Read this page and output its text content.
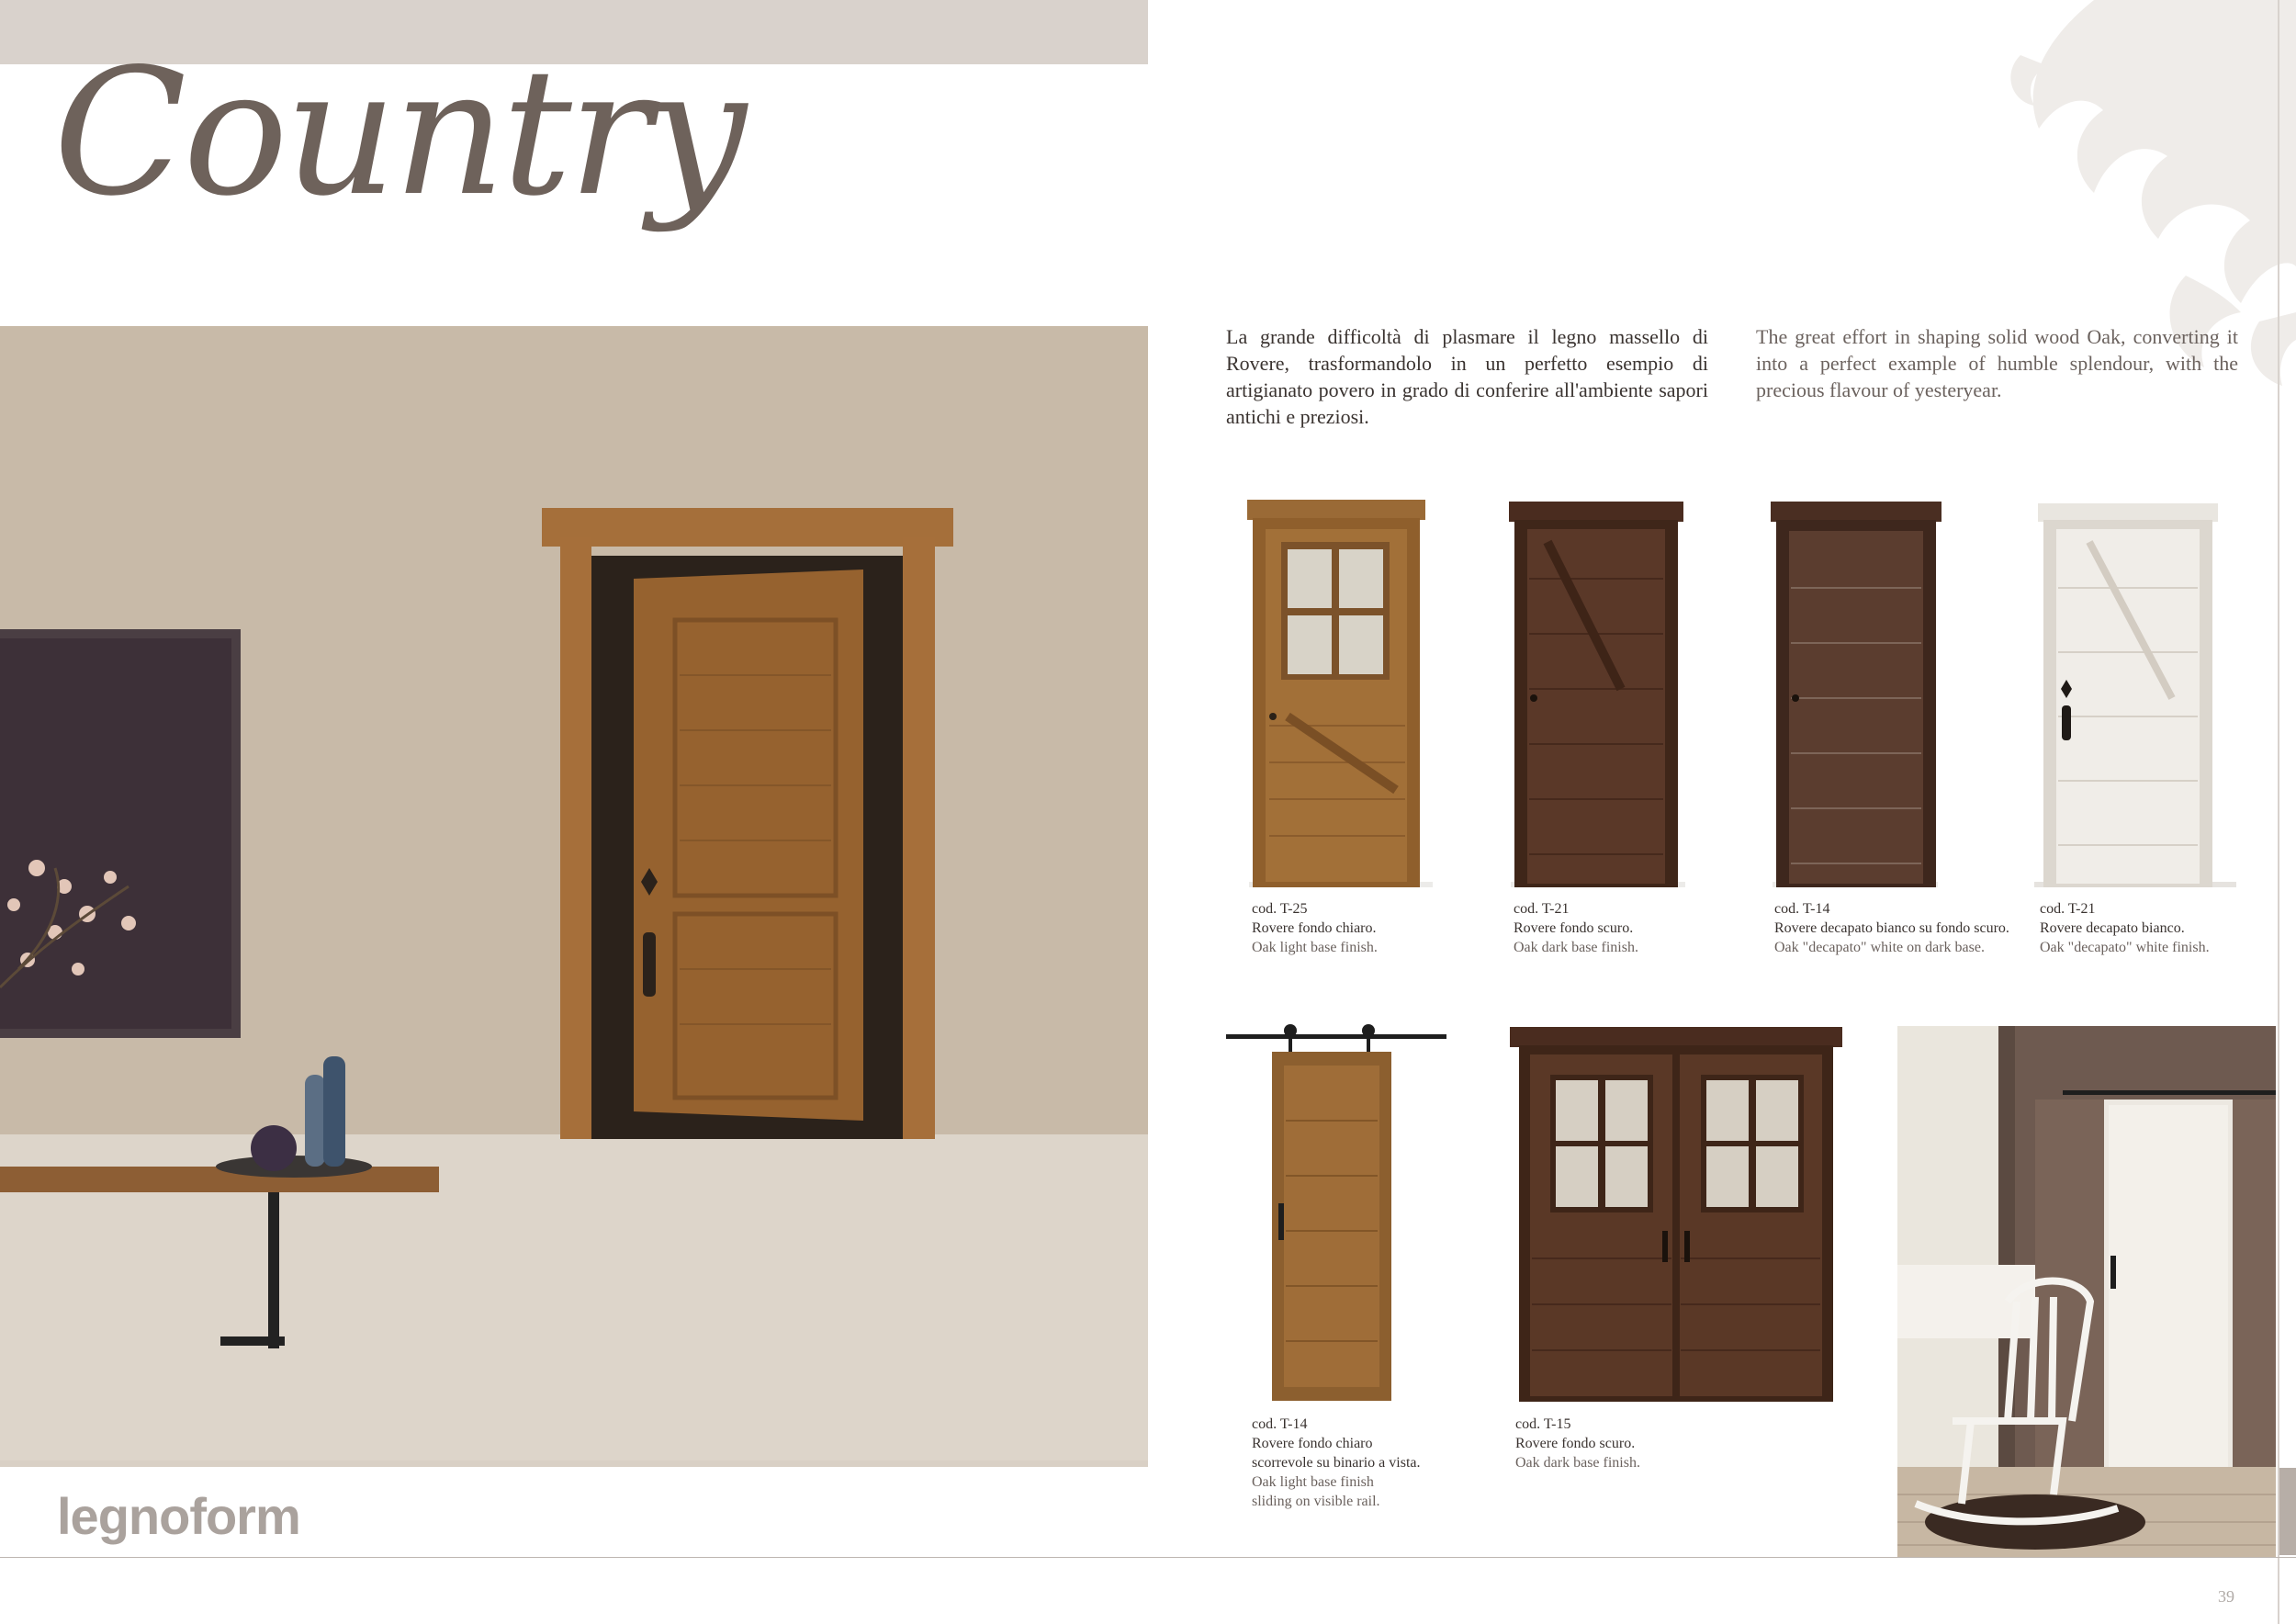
Country
La grande difficoltà di plasmare il legno massello di Rovere, trasformandolo in un perfetto esempio di artigianato povero in grado di conferire all'ambiente sapori antichi e preziosi.
The great effort in shaping solid wood Oak, converting it into a perfect example of humble splendour, with the precious flavour of yesteryear.
cod. T-25
Rovere fondo chiaro.
Oak light base finish.
cod. T-21
Rovere fondo scuro.
Oak dark base finish.
cod. T-14
Rovere decapato bianco su fondo scuro.
Oak "decapato" white on dark base.
cod. T-21
Rovere decapato bianco.
Oak "decapato" white finish.
cod. T-14
Rovere fondo chiaro
scorrevole su binario a vista.
Oak light base finish
sliding on visible rail.
cod. T-15
Rovere fondo scuro.
Oak dark base finish.
legnoform
39
